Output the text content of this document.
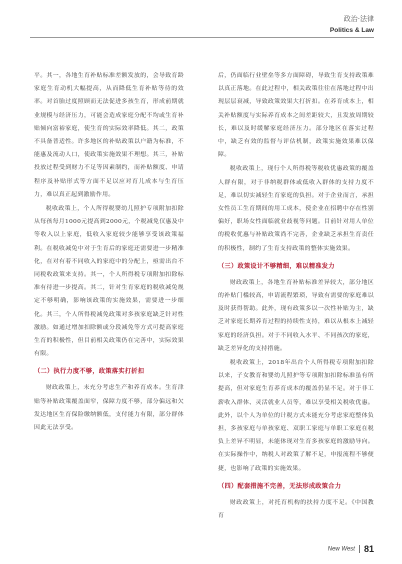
政治·法律
Politics & Law

平。其一，各地生育补贴标准差额发放的，会导致育龄家庭生育动机大幅提高，从而降低生育补贴等待的效率。对首胎过度照顾而无法促进多孩生育，形成前期就业规模与经济压力，可能会造成家庭分配不均或生育补贴倾向富裕家庭，使生育的实际效率降低。其二，政策不具备普适性。许多地区的补贴政策以户籍为标准，不能惠及流动人口，使政策实施效果不理想。其三，补贴投放过程受到财力不足等因素制约，而补贴额度、申请程序及补贴形式等方面不足以应对育儿成本与生育压力，难以真正起到激励作用。

税收政策上，个人所得税婴幼儿照护专项附加扣除从每孩每月1000元提高到2000元，个税减免仅惠及中等收入以上家庭，低收入家庭较少能够享受该政策福利。在税收减免中对于生育后的家庭还需要进一步精准化，在对有着不同收入的家庭中的分配上，亟需出台不同税收政策来支持。其一，个人所得税专项附加扣除标准有待进一步提高。其二，针对生育家庭的税收减免规定不够明确，影响该政策的实施效果，需要进一步细化。其三，个人所得税减免政策对多孩家庭缺乏针对性激励。如通过增加扣除额或分段减免等方式可提高家庭生育的积极性，但目前相关政策仍在完善中，实际效果有限。

（二）执行力度不够，政策落实打折扣

财政政策上，未充分考虑生产和养育成本。生育津贴等补贴政策覆盖面窄，保障力度不够，部分偏远和欠发达地区生育保险缴纳额低，支付能力有限，部分群体因此无法享受。

后，仍面临行业壁垒等多方面障碍，导致生育支持政策难以真正落地。在此过程中，相关政策往往在落地过程中出现层层衰减，导致政策效果大打折扣。在养育成本上，相关补贴额度与实际养育成本之间差距较大，且发放周期较长，难以及时缓解家庭经济压力。部分地区在落实过程中，缺乏有效的监督与评估机制，政策实施效果难以保障。

税收政策上，现行个人所得税等税收优惠政策的覆盖人群有限，对于非纳税群体或低收入群体的支持力度不足，难以切实减轻生育家庭的负担。对于企业而言，承担女性员工生育期间的用工成本，使企业在招聘中存在性别偏好，职场女性面临就业歧视等问题。目前针对用人单位的税收优惠与补贴政策尚不完善，企业缺乏承担生育责任的积极性，制约了生育支持政策的整体实施效果。

（三）政策设计不够精细，难以精准发力

财政政策上，各地生育补贴标准差异较大，部分地区的补贴门槛较高，申请流程繁琐，导致有需要的家庭难以及时获得帮助。此外，现有政策多以一次性补贴为主，缺乏对家庭长期养育过程的持续性支持，难以从根本上减轻家庭的经济负担。对于不同收入水平、不同孩次的家庭，缺乏差异化的支持措施。

税收政策上，2018年出台个人所得税专项附加扣除以来，子女教育和婴幼儿照护等专项附加扣除标准虽有所提高，但对家庭生育养育成本的覆盖仍显不足。对于非工薪收入群体、灵活就业人员等，难以享受相关税收优惠。此外，以个人为单位的计税方式未能充分考虑家庭整体负担，多孩家庭与单孩家庭、双职工家庭与单职工家庭在税负上差异不明显，未能体现对生育多孩家庭的激励导向。在实际操作中，纳税人对政策了解不足，申报流程不够便捷，也影响了政策的实施效果。

（四）配套措施不完善，无法形成政策合力

财政政策上，对托育机构的扶持力度不足。《中国教育

New West 81
